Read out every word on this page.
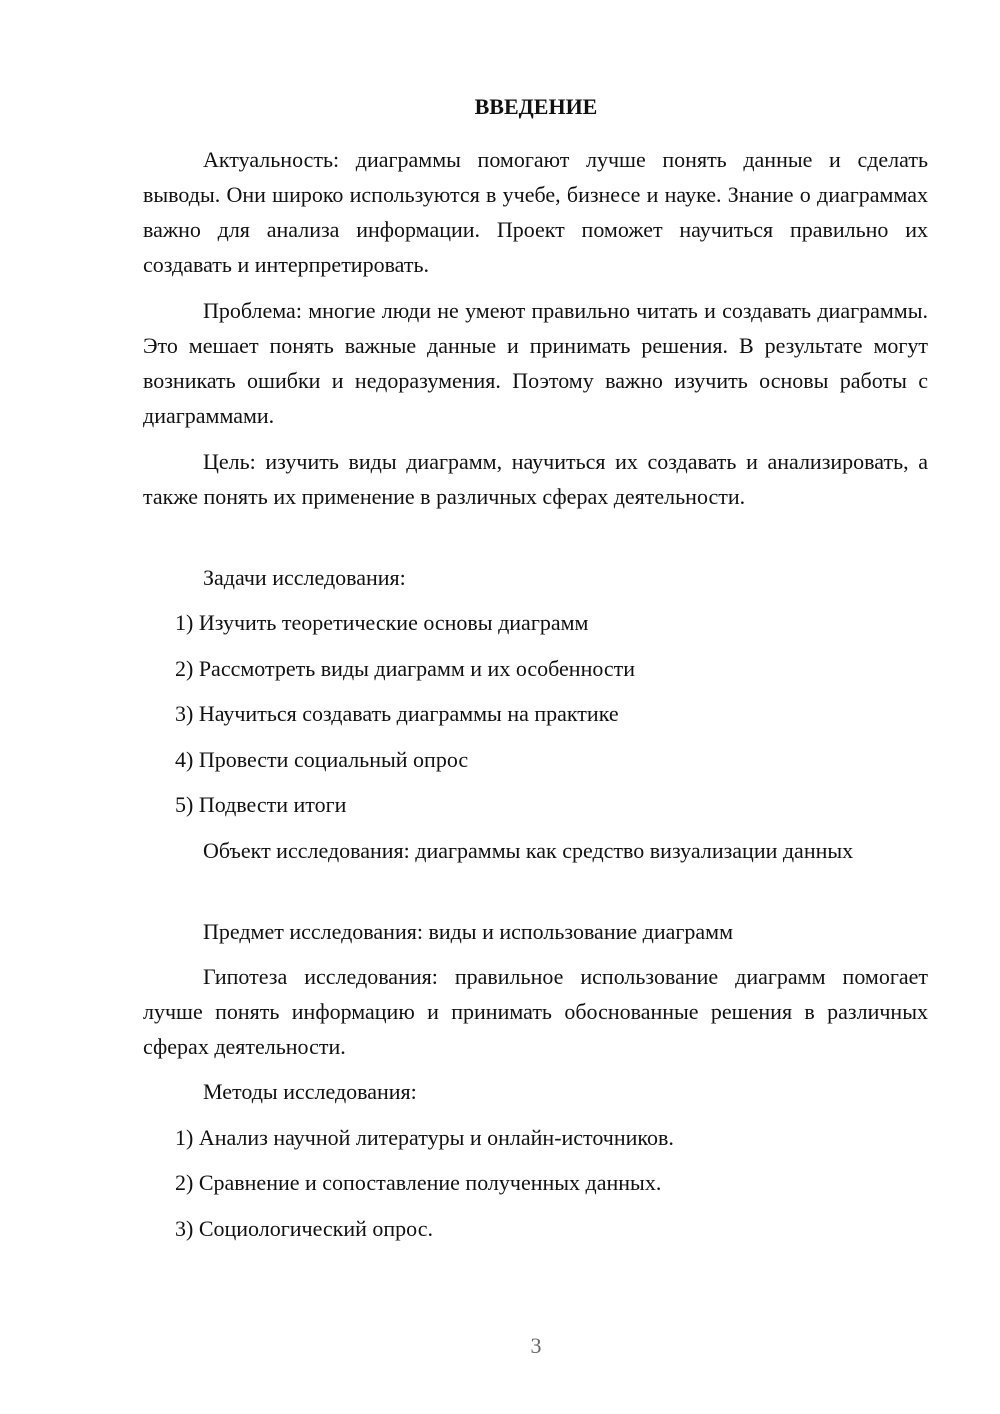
ВВЕДЕНИЕ

Актуальность: диаграммы помогают лучше понять данные и сделать выводы. Они широко используются в учебе, бизнесе и науке. Знание о диаграммах важно для анализа информации. Проект поможет научиться правильно их создавать и интерпретировать.

Проблема: многие люди не умеют правильно читать и создавать диаграммы. Это мешает понять важные данные и принимать решения. В результате могут возникать ошибки и недоразумения. Поэтому важно изучить основы работы с диаграммами.

Цель: изучить виды диаграмм, научиться их создавать и анализировать, а также понять их применение в различных сферах деятельности.

Задачи исследования:

1) Изучить теоретические основы диаграмм

2) Рассмотреть виды диаграмм и их особенности

3) Научиться создавать диаграммы на практике

4) Провести социальный опрос

5) Подвести итоги

Объект исследования: диаграммы как средство визуализации данных

Предмет исследования: виды и использование диаграмм

Гипотеза исследования: правильное использование диаграмм помогает лучше понять информацию и принимать обоснованные решения в различных сферах деятельности.

Методы исследования:

1) Анализ научной литературы и онлайн-источников.

2) Сравнение и сопоставление полученных данных.

3) Социологический опрос.

3
